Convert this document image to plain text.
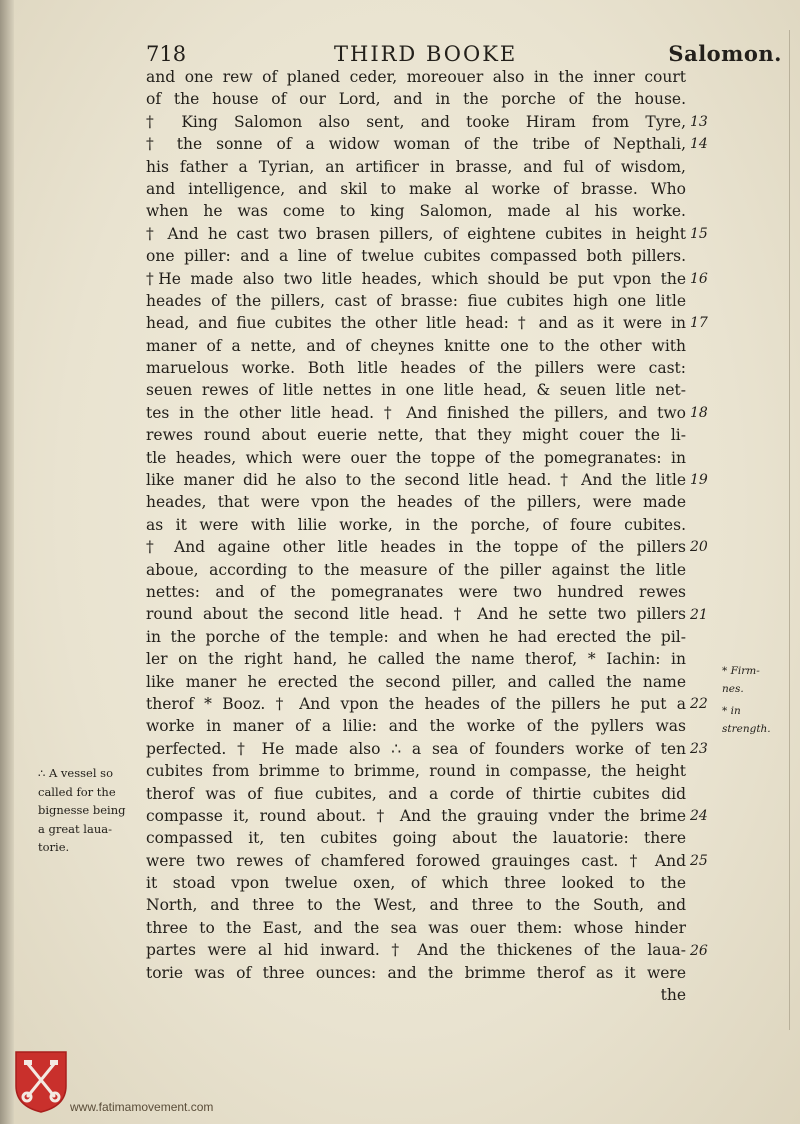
718	THIRD BOOKE	Salomon.
and one rew of planed ceder, moreouer also in the inner court
of the house of our Lord, and in the porche of the house.
† King Salomon also sent, and tooke Hiram from Tyre,
† the sonne of a widow woman of the tribe of Nepthali,
his father a Tyrian, an artificer in brasse, and ful of wisdom,
and intelligence, and skil to make al worke of brasse. Who
when he was come to king Salomon, made al his worke.
† And he cast two brasen pillers, of eightene cubites in height
one piller: and a line of twelue cubites compassed both pillers.
†He made also two litle heades, which should be put vpon the
heades of the pillers, cast of brasse: fiue cubites high one litle
head, and fiue cubites the other litle head: † and as it were in
maner of a nette, and of cheynes knitte one to the other with
maruelous worke. Both litle heades of the pillers were cast:
seuen rewes of litle nettes in one litle head, & seuen litle net-
tes in the other litle head. † And finished the pillers, and two
rewes round about euerie nette, that they might couer the li-
tle heades, which were ouer the toppe of the pomegranates: in
like maner did he also to the second litle head. † And the litle
heades, that were vpon the heades of the pillers, were made
as it were with lilie worke, in the porche, of foure cubites.
† And againe other litle heades in the toppe of the pillers
aboue, according to the measure of the piller against the litle
nettes: and of the pomegranates were two hundred rewes
round about the second litle head. † And he sette two pillers
in the porche of the temple: and when he had erected the pil-
ler on the right hand, he called the name therof, * Iachin: in
like maner he erected the second piller, and called the name
therof * Booz. † And vpon the heades of the pillers he put a
worke in maner of a lilie: and the worke of the pyllers was
perfected. † He made also ∴ a sea of founders worke of ten
cubites from brimme to brimme, round in compasse, the height
therof was of fiue cubites, and a corde of thirtie cubites did
compasse it, round about. † And the grauing vnder the brime
compassed it, ten cubites going about the lauatorie: there
were two rewes of chamfered forowed grauinges cast. † And
it stoad vpon twelue oxen, of which three looked to the
North, and three to the West, and three to the South, and
three to the East, and the sea was ouer them: whose hinder
partes were al hid inward. † And the thickenes of the laua-
torie was of three ounces: and the brimme therof as it were
the
13
14
15
16
17
18
19
20
21
22
23
24
25
26
* Firm-
nes.
* in
strength.
∴ A vessel so
called for the
bignesse being
a great laua-
torie.
www.fatimamovement.com
